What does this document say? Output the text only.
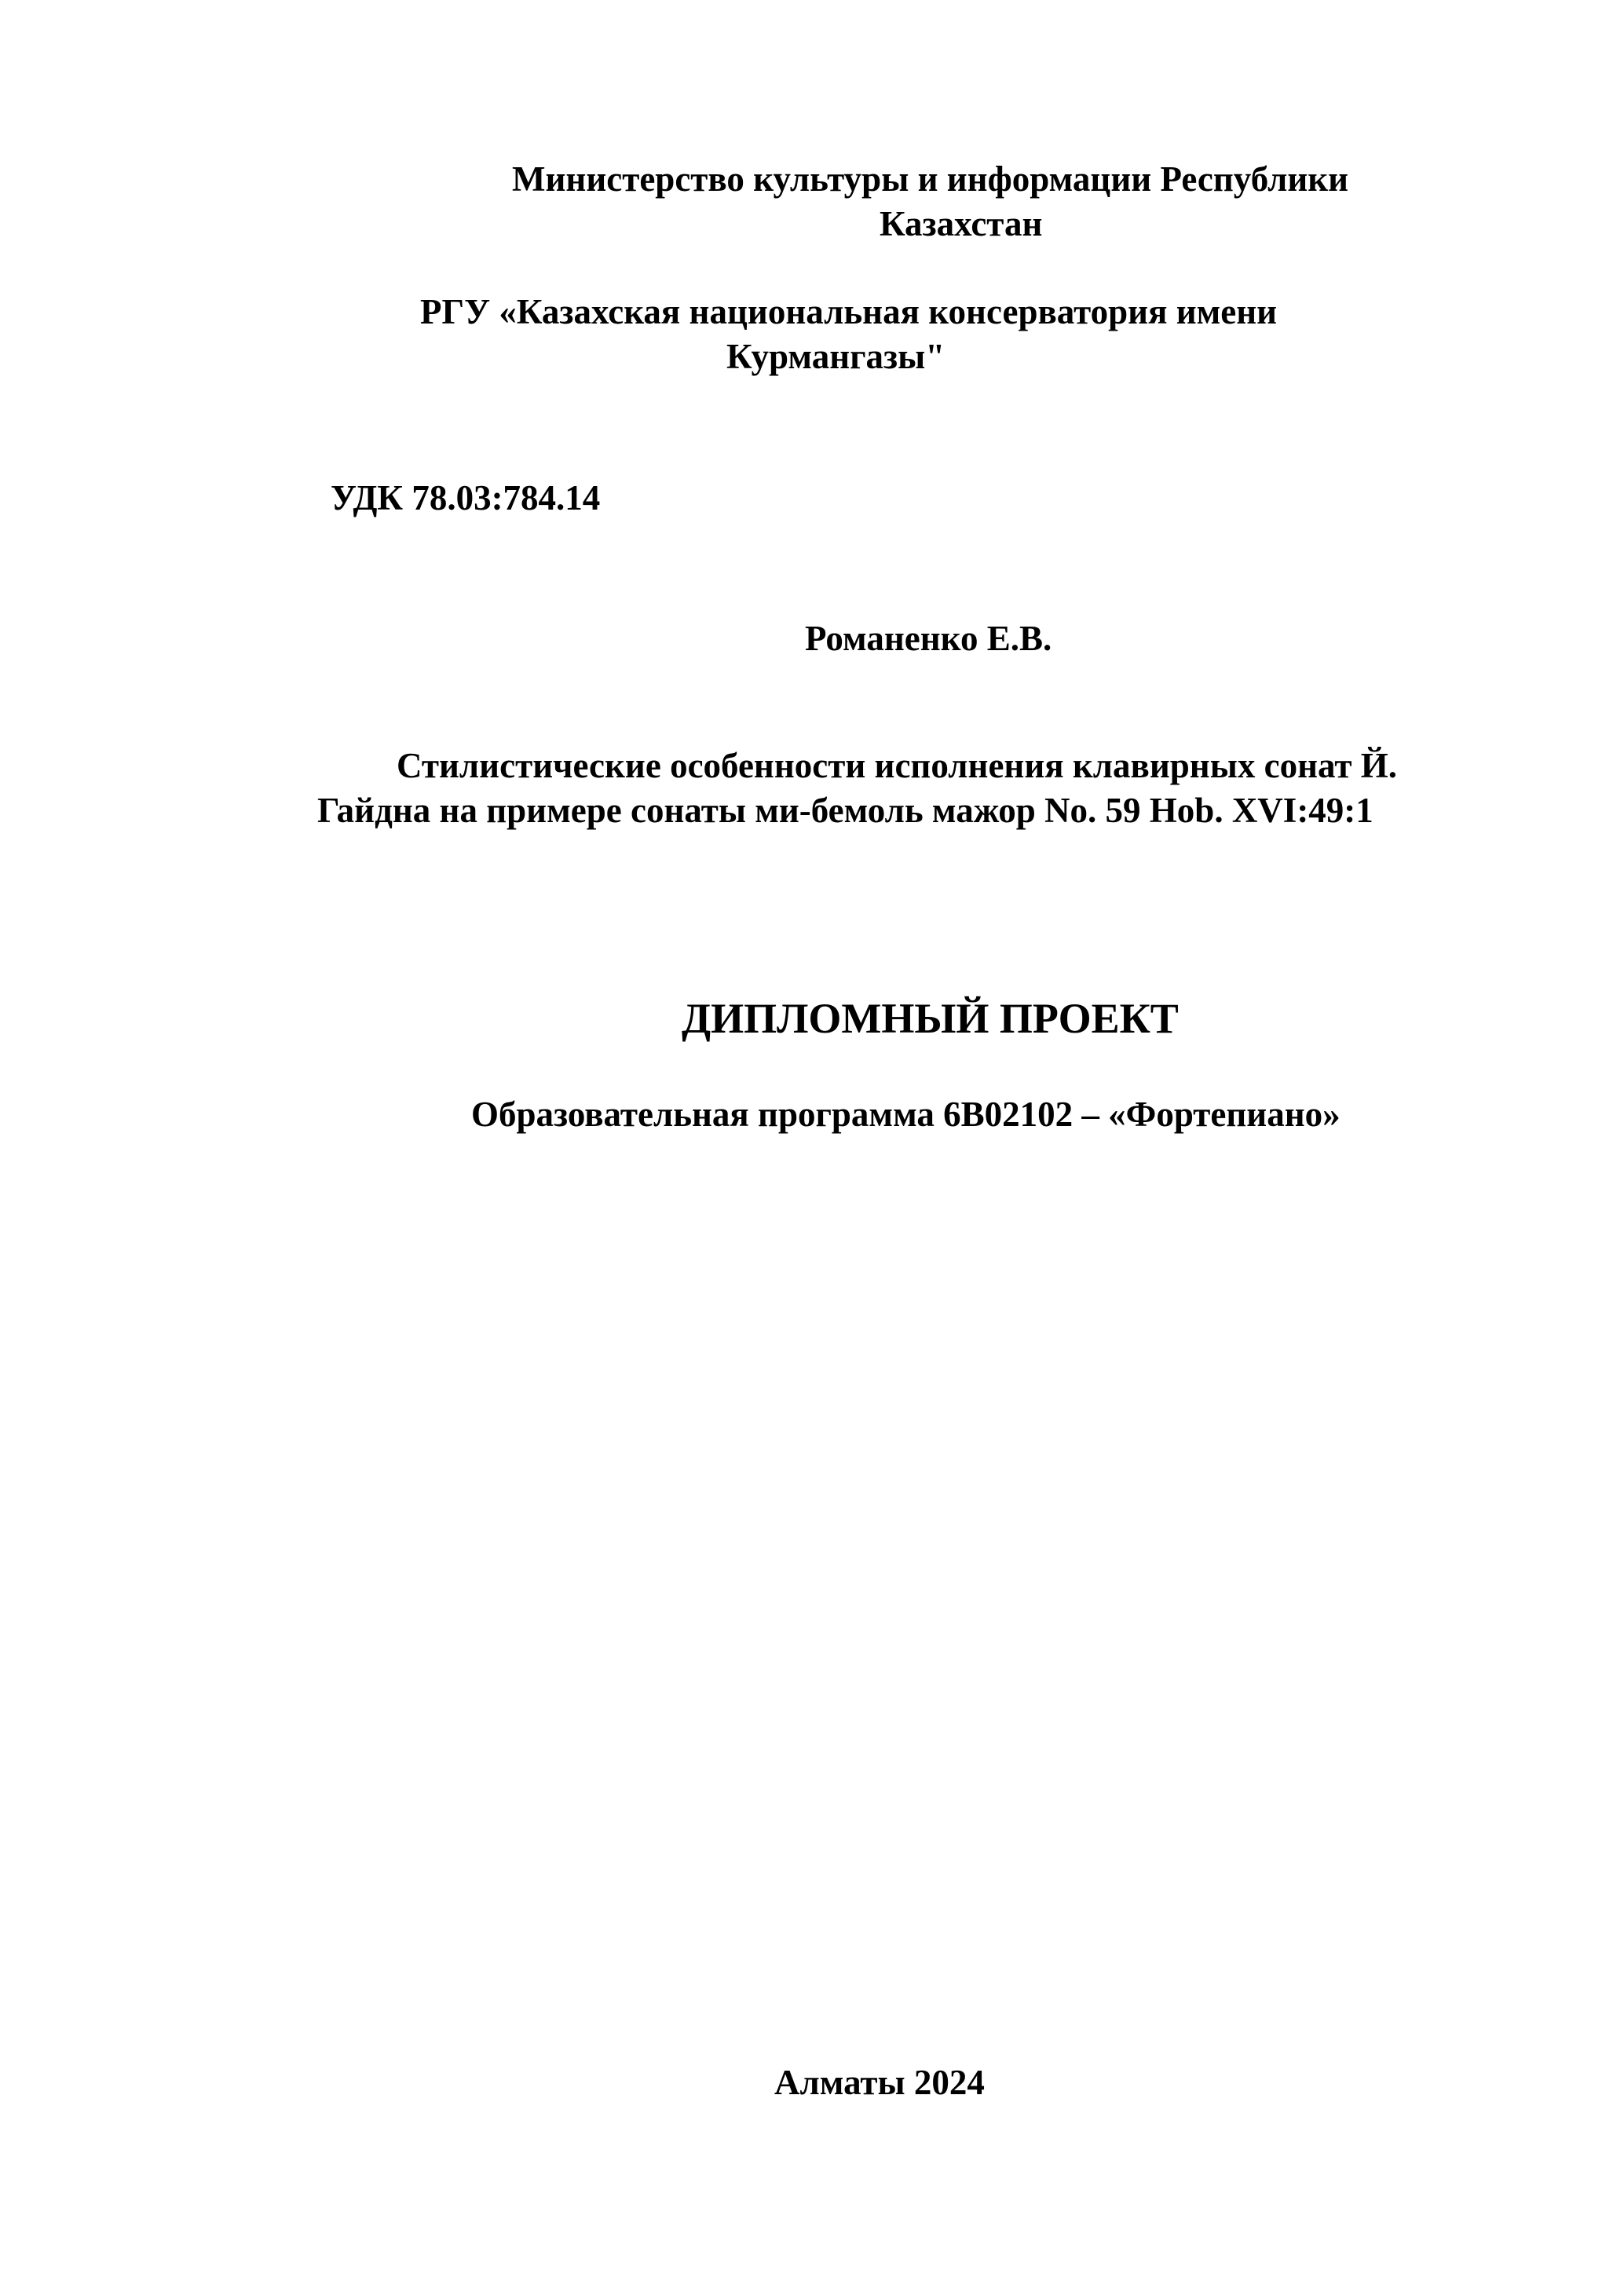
Министерство культуры и информации Республики
Казахстан
РГУ «Казахская национальная консерватория имени
Курмангазы"
УДК 78.03:784.14
Романенко Е.В.
Стилистические особенности исполнения клавирных сонат Й.
Гайдна на примере сонаты ми-бемоль мажор No. 59 Hob. XVI:49:1
ДИПЛОМНЫЙ ПРОЕКТ
Образовательная программа 6B02102 – «Фортепиано»
Алматы 2024
